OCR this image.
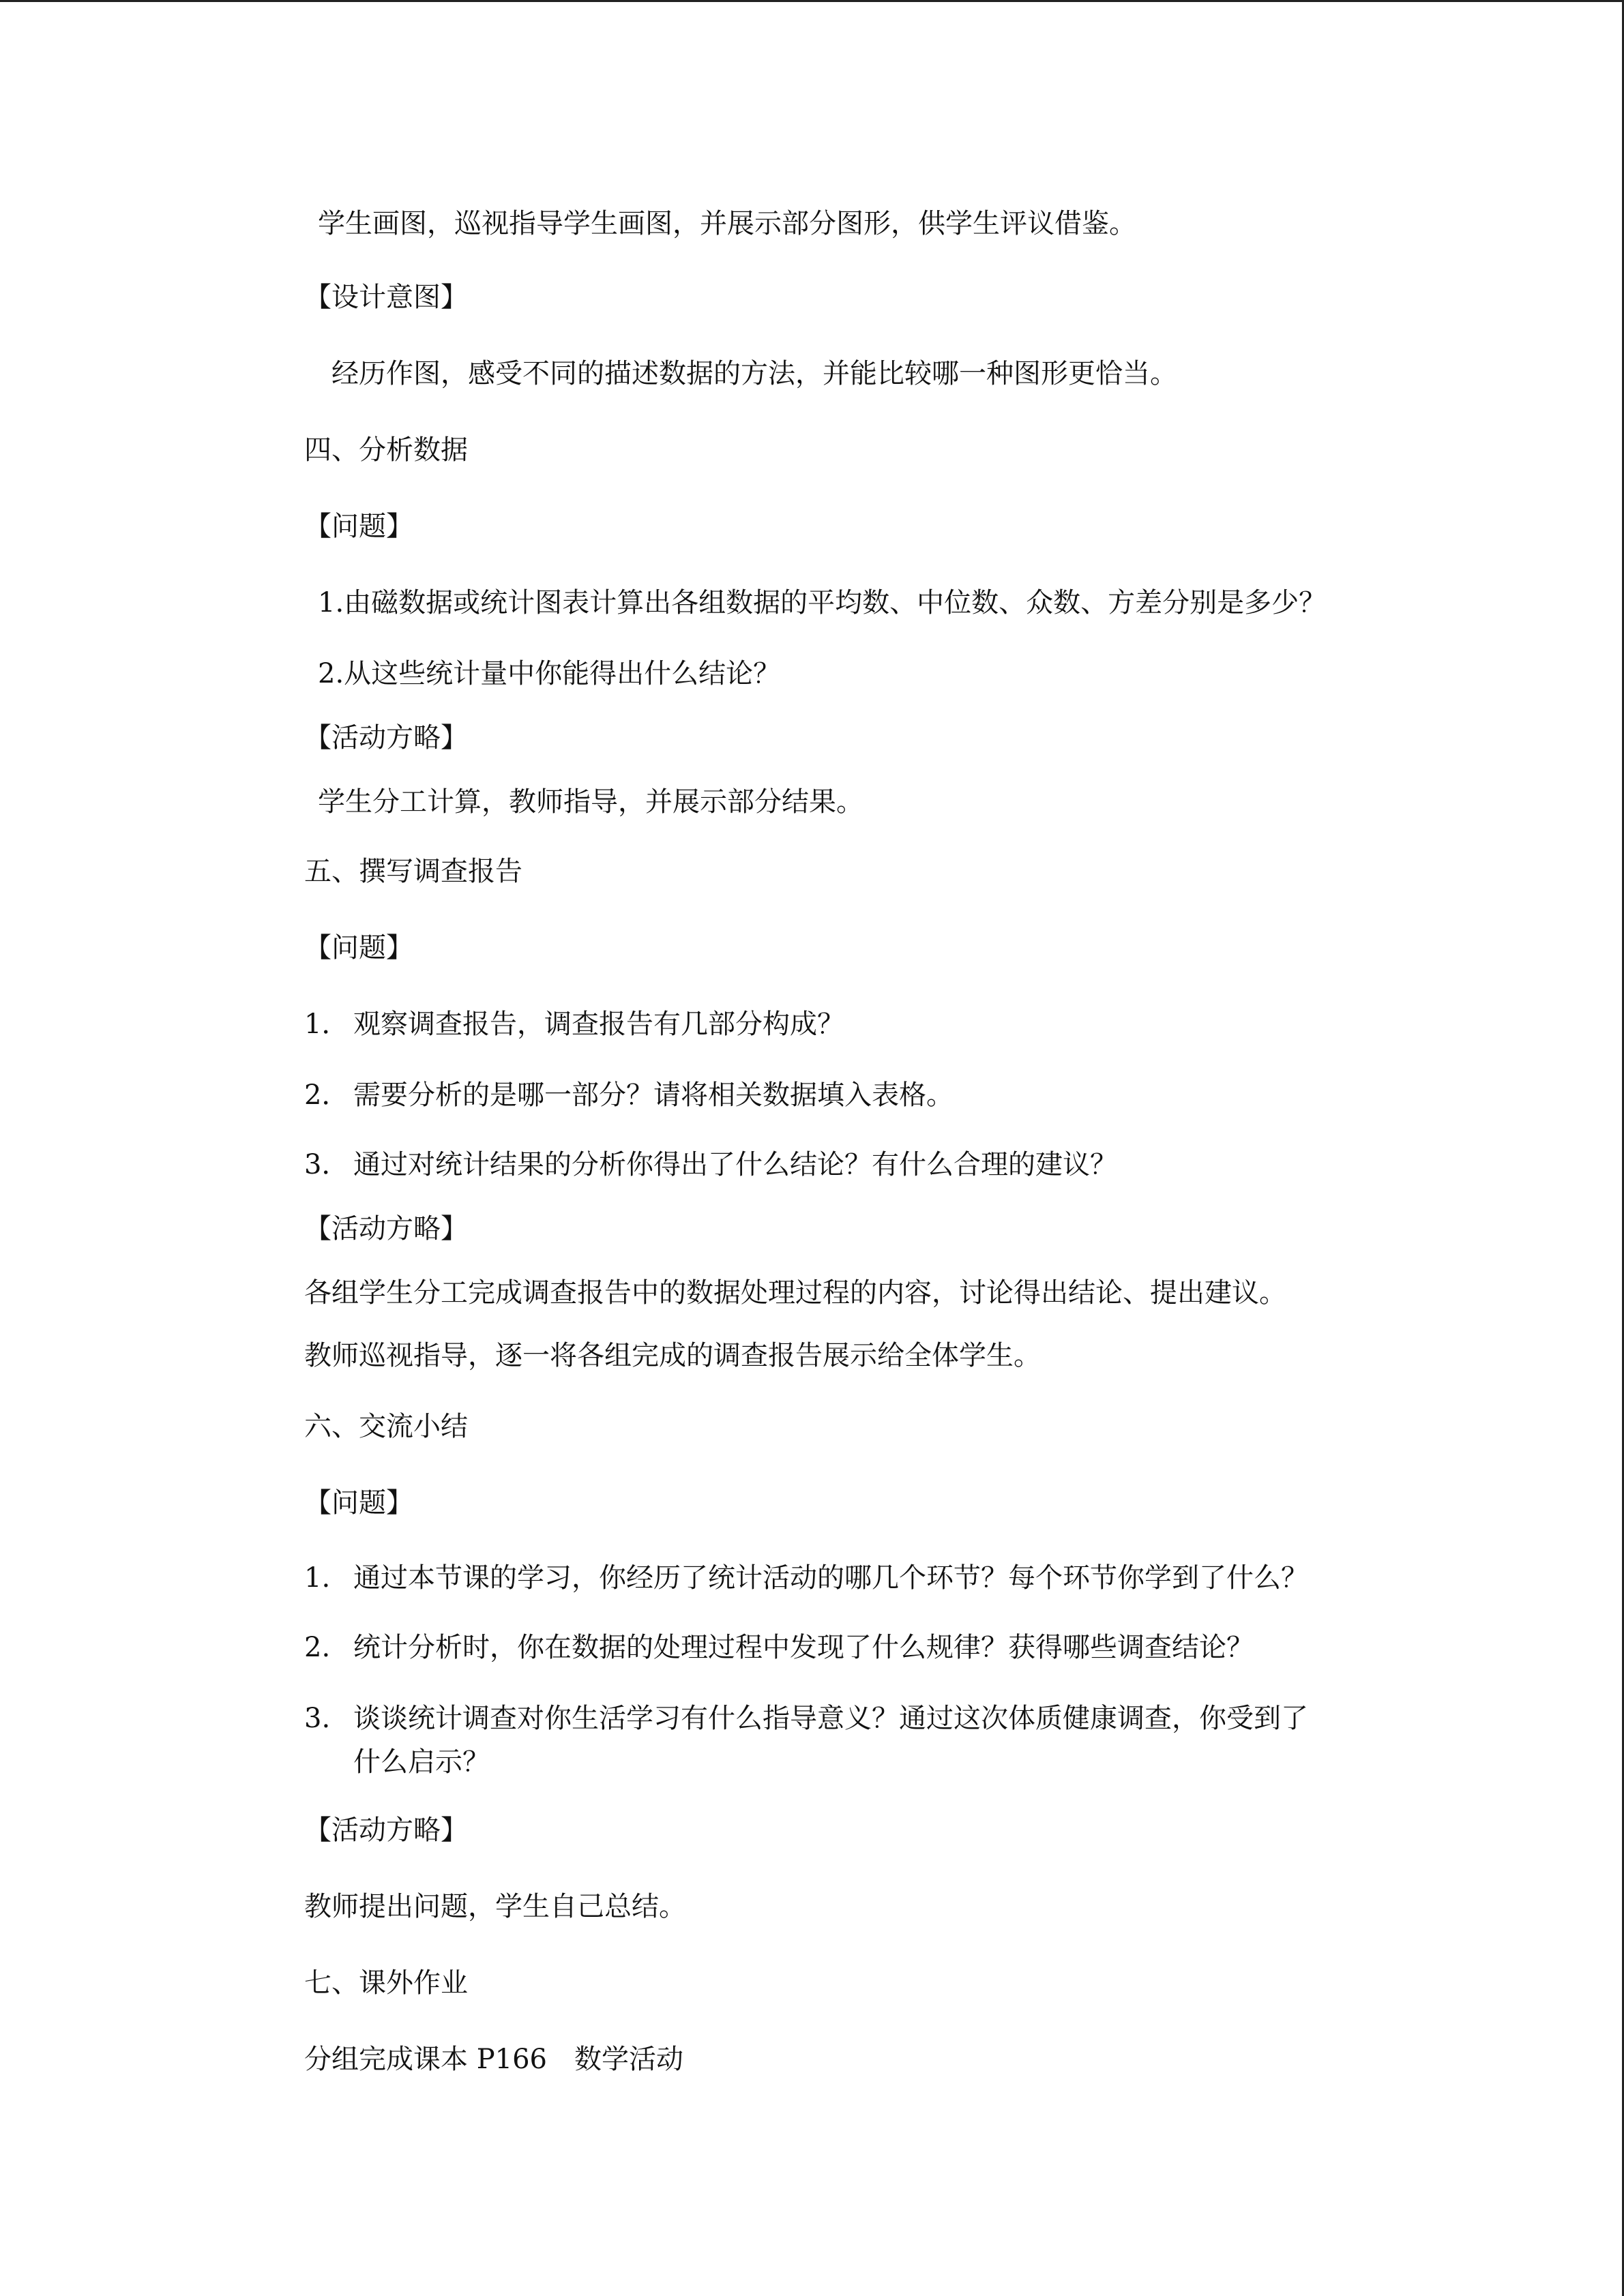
学生画图，巡视指导学生画图，并展示部分图形，供学生评议借鉴。
【设计意图】
经历作图，感受不同的描述数据的方法，并能比较哪一种图形更恰当。
四、分析数据
【问题】
1.由磁数据或统计图表计算出各组数据的平均数、中位数、众数、方差分别是多少？
2.从这些统计量中你能得出什么结论？
【活动方略】
学生分工计算，教师指导，并展示部分结果。
五、撰写调查报告
【问题】
1． 观察调查报告，调查报告有几部分构成？
2． 需要分析的是哪一部分？请将相关数据填入表格。
3． 通过对统计结果的分析你得出了什么结论？有什么合理的建议？
【活动方略】
各组学生分工完成调查报告中的数据处理过程的内容，讨论得出结论、提出建议。
教师巡视指导，逐一将各组完成的调查报告展示给全体学生。
六、交流小结
【问题】
1. 通过本节课的学习，你经历了统计活动的哪几个环节？每个环节你学到了什么？
2. 统计分析时，你在数据的处理过程中发现了什么规律？获得哪些调查结论？
3. 谈谈统计调查对你生活学习有什么指导意义？通过这次体质健康调查，你受到了
什么启示？
【活动方略】
教师提出问题，学生自己总结。
七、课外作业
分组完成课本 P166　数学活动
